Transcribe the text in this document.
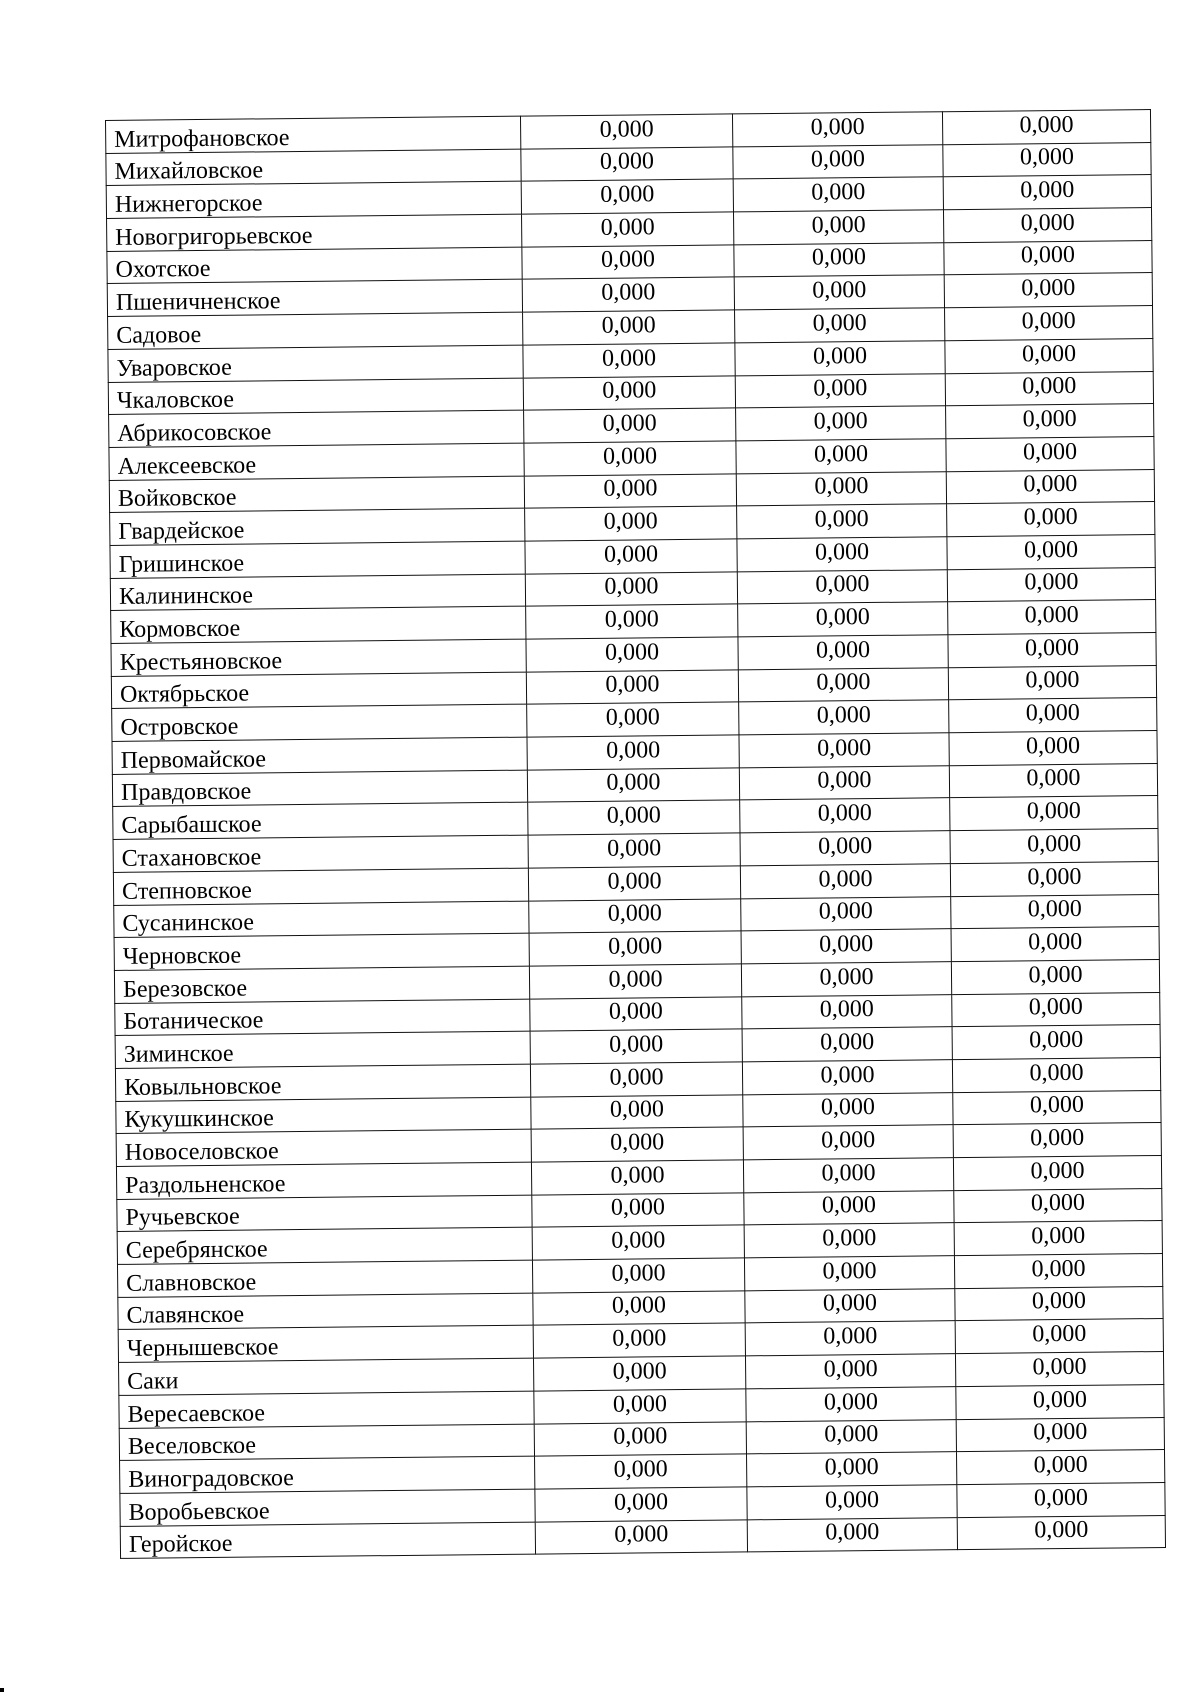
Митрофановское	0,000	0,000	0,000
Михайловское	0,000	0,000	0,000
Нижнегорское	0,000	0,000	0,000
Новогригорьевское	0,000	0,000	0,000
Охотское	0,000	0,000	0,000
Пшеничненское	0,000	0,000	0,000
Садовое	0,000	0,000	0,000
Уваровское	0,000	0,000	0,000
Чкаловское	0,000	0,000	0,000
Абрикосовское	0,000	0,000	0,000
Алексеевское	0,000	0,000	0,000
Войковское	0,000	0,000	0,000
Гвардейское	0,000	0,000	0,000
Гришинское	0,000	0,000	0,000
Калининское	0,000	0,000	0,000
Кормовское	0,000	0,000	0,000
Крестьяновское	0,000	0,000	0,000
Октябрьское	0,000	0,000	0,000
Островское	0,000	0,000	0,000
Первомайское	0,000	0,000	0,000
Правдовское	0,000	0,000	0,000
Сарыбашское	0,000	0,000	0,000
Стахановское	0,000	0,000	0,000
Степновское	0,000	0,000	0,000
Сусанинское	0,000	0,000	0,000
Черновское	0,000	0,000	0,000
Березовское	0,000	0,000	0,000
Ботаническое	0,000	0,000	0,000
Зиминское	0,000	0,000	0,000
Ковыльновское	0,000	0,000	0,000
Кукушкинское	0,000	0,000	0,000
Новоселовское	0,000	0,000	0,000
Раздольненское	0,000	0,000	0,000
Ручьевское	0,000	0,000	0,000
Серебрянское	0,000	0,000	0,000
Славновское	0,000	0,000	0,000
Славянское	0,000	0,000	0,000
Чернышевское	0,000	0,000	0,000
Саки	0,000	0,000	0,000
Вересаевское	0,000	0,000	0,000
Веселовское	0,000	0,000	0,000
Виноградовское	0,000	0,000	0,000
Воробьевское	0,000	0,000	0,000
Геройское	0,000	0,000	0,000
